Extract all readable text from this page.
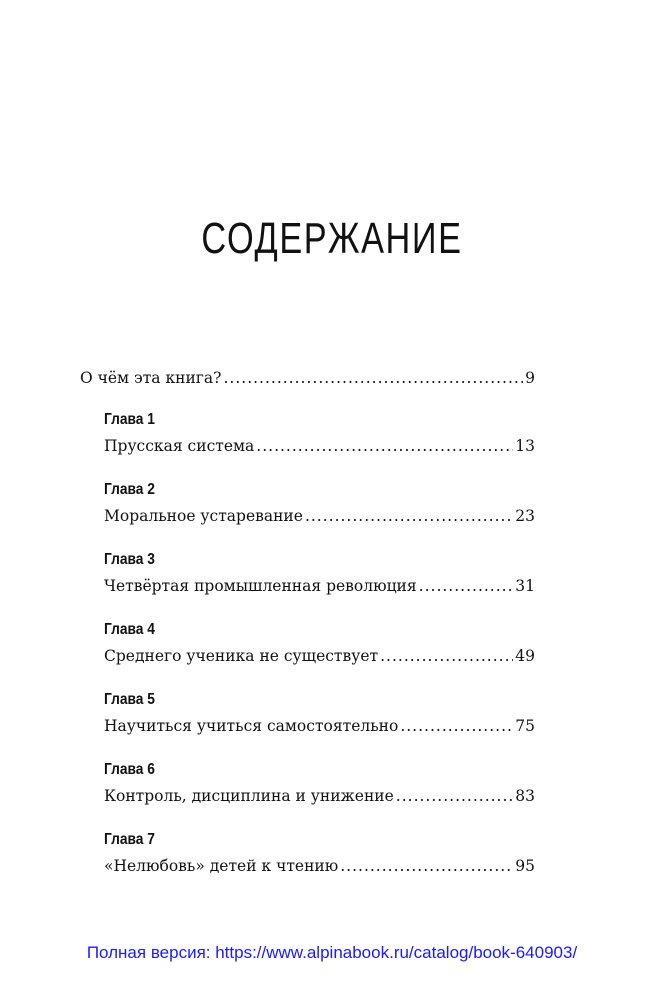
СОДЕРЖАНИЕ
О чём эта книга? .....	9
Глава 1
Прусская система .....	13
Глава 2
Моральное устаревание .....	23
Глава 3
Четвёртая промышленная революция .....	31
Глава 4
Среднего ученика не существует .....	49
Глава 5
Научиться учиться самостоятельно .....	75
Глава 6
Контроль, дисциплина и унижение .....	83
Глава 7
«Нелюбовь» детей к чтению .....	95
Полная версия: https://www.alpinabook.ru/catalog/book-640903/
